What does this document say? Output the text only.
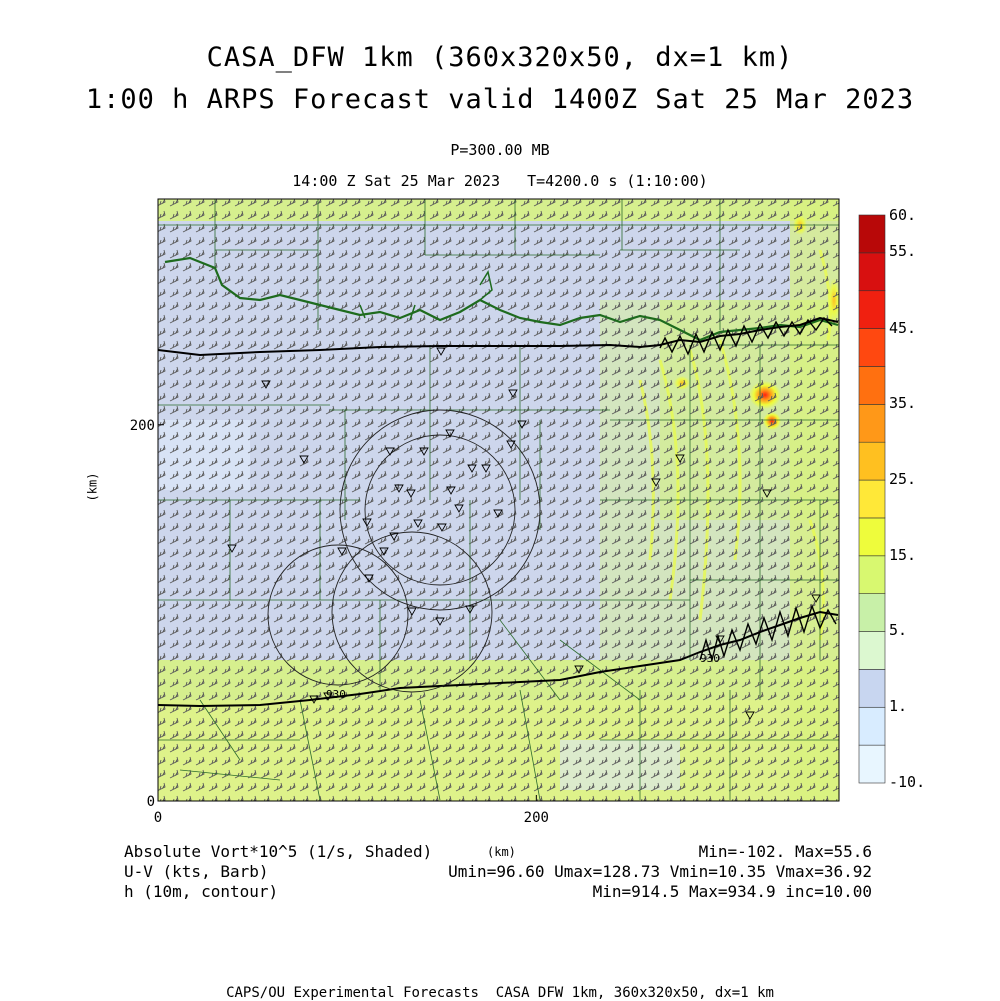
CASA_DFW 1km (360x320x50, dx=1 km)
1:00 h ARPS Forecast valid 1400Z Sat 25 Mar 2023
P=300.00 MB
14:00 Z Sat 25 Mar 2023   T=4200.0 s (1:10:00)
930
930
0	200
0
200
60.
55.
45.
35.
25.
15.
5.
1.
-10.
(km)
Absolute Vort*10^5 (1/s, Shaded)
U-V (kts, Barb)
h (10m, contour)
(km)	Min=-102. Max=55.6
Umin=96.60 Umax=128.73 Vmin=10.35 Vmax=36.92
Min=914.5 Max=934.9 inc=10.00
CAPS/OU Experimental Forecasts  CASA DFW 1km, 360x320x50, dx=1 km
